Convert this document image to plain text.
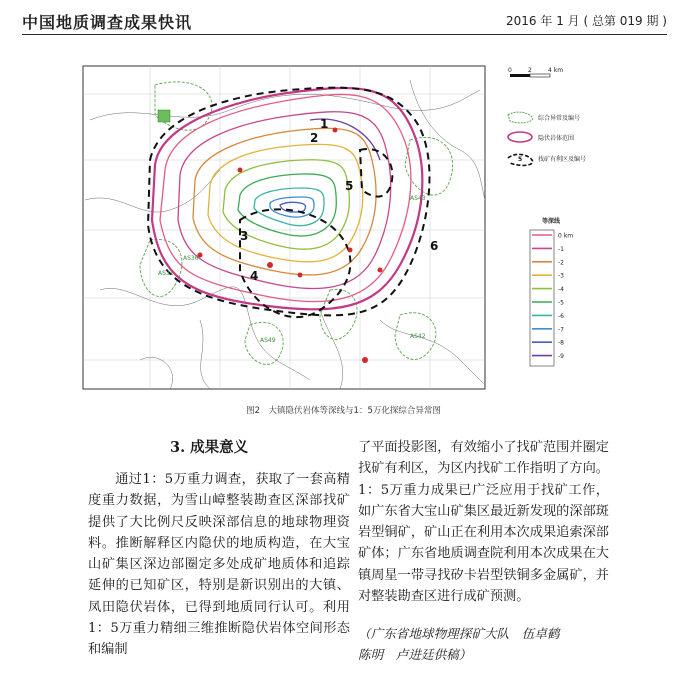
中国地质调查成果快讯	2016 年 1 月 ( 总第 019 期 )
1
2
3
4
5
6
AS36
AS31
AS43
AS49
AS42
0	2	4 km
综合异常及编号
隐伏岩体范围
5	找矿有利区及编号
等深线
0 km
-1
-2
-3
-4
-5
-6
-7
-8
-9
图2　大镇隐伏岩体等深线与1：5万化探综合异常图
3. 成果意义
　　通过1：5万重力调查，获取了一套高精度重力数据，为雪山嶂整装勘查区深部找矿提供了大比例尺反映深部信息的地球物理资料。推断解释区内隐伏的地质构造，在大宝山矿集区深边部圈定多处成矿地质体和追踪延伸的已知矿区，特别是新识别出的大镇、凤田隐伏岩体，已得到地质同行认可。利用1：5万重力精细三维推断隐伏岩体空间形态和编制
了平面投影图，有效缩小了找矿范围并圈定找矿有利区，为区内找矿工作指明了方向。1：5万重力成果已广泛应用于找矿工作，如广东省大宝山矿集区最近新发现的深部斑岩型铜矿，矿山正在利用本次成果追索深部矿体；广东省地质调查院利用本次成果在大镇周星一带寻找矽卡岩型铁铜多金属矿，并对整装勘查区进行成矿预测。
（广东省地球物理探矿大队　伍卓鹤
陈明　卢进廷供稿）
